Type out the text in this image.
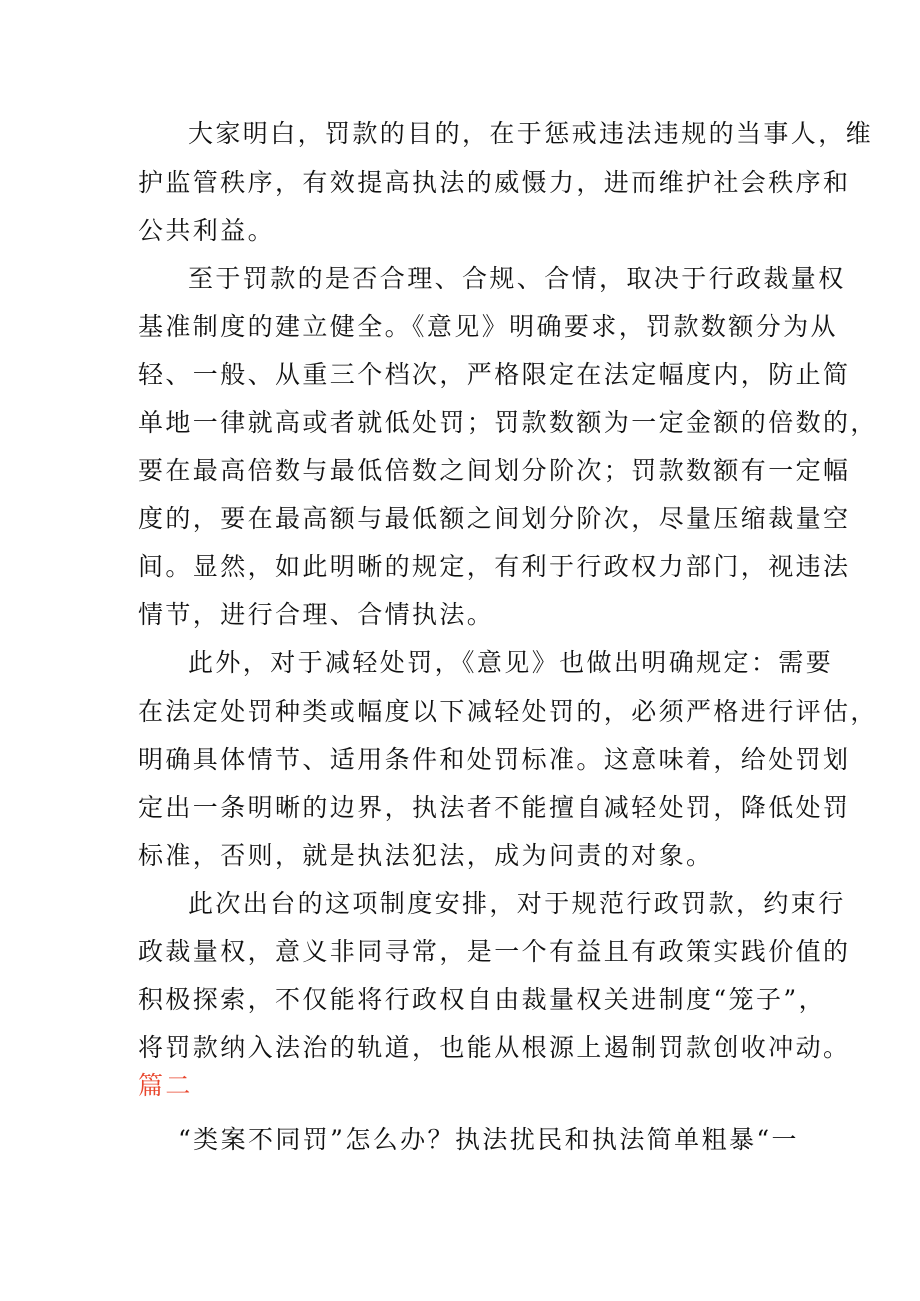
大家明白，罚款的目的，在于惩戒违法违规的当事人，维
护监管秩序，有效提高执法的威慑力，进而维护社会秩序和
公共利益。
至于罚款的是否合理、合规、合情，取决于行政裁量权
基准制度的建立健全。《意见》明确要求，罚款数额分为从
轻、一般、从重三个档次，严格限定在法定幅度内，防止简
单地一律就高或者就低处罚；罚款数额为一定金额的倍数的，
要在最高倍数与最低倍数之间划分阶次；罚款数额有一定幅
度的，要在最高额与最低额之间划分阶次，尽量压缩裁量空
间。显然，如此明晰的规定，有利于行政权力部门，视违法
情节，进行合理、合情执法。
此外，对于减轻处罚，《意见》也做出明确规定：需要
在法定处罚种类或幅度以下减轻处罚的，必须严格进行评估，
明确具体情节、适用条件和处罚标准。这意味着，给处罚划
定出一条明晰的边界，执法者不能擅自减轻处罚，降低处罚
标准，否则，就是执法犯法，成为问责的对象。
此次出台的这项制度安排，对于规范行政罚款，约束行
政裁量权，意义非同寻常，是一个有益且有政策实践价值的
积极探索，不仅能将行政权自由裁量权关进制度“笼子”，
将罚款纳入法治的轨道，也能从根源上遏制罚款创收冲动。
篇二
“类案不同罚”怎么办？执法扰民和执法简单粗暴“一
